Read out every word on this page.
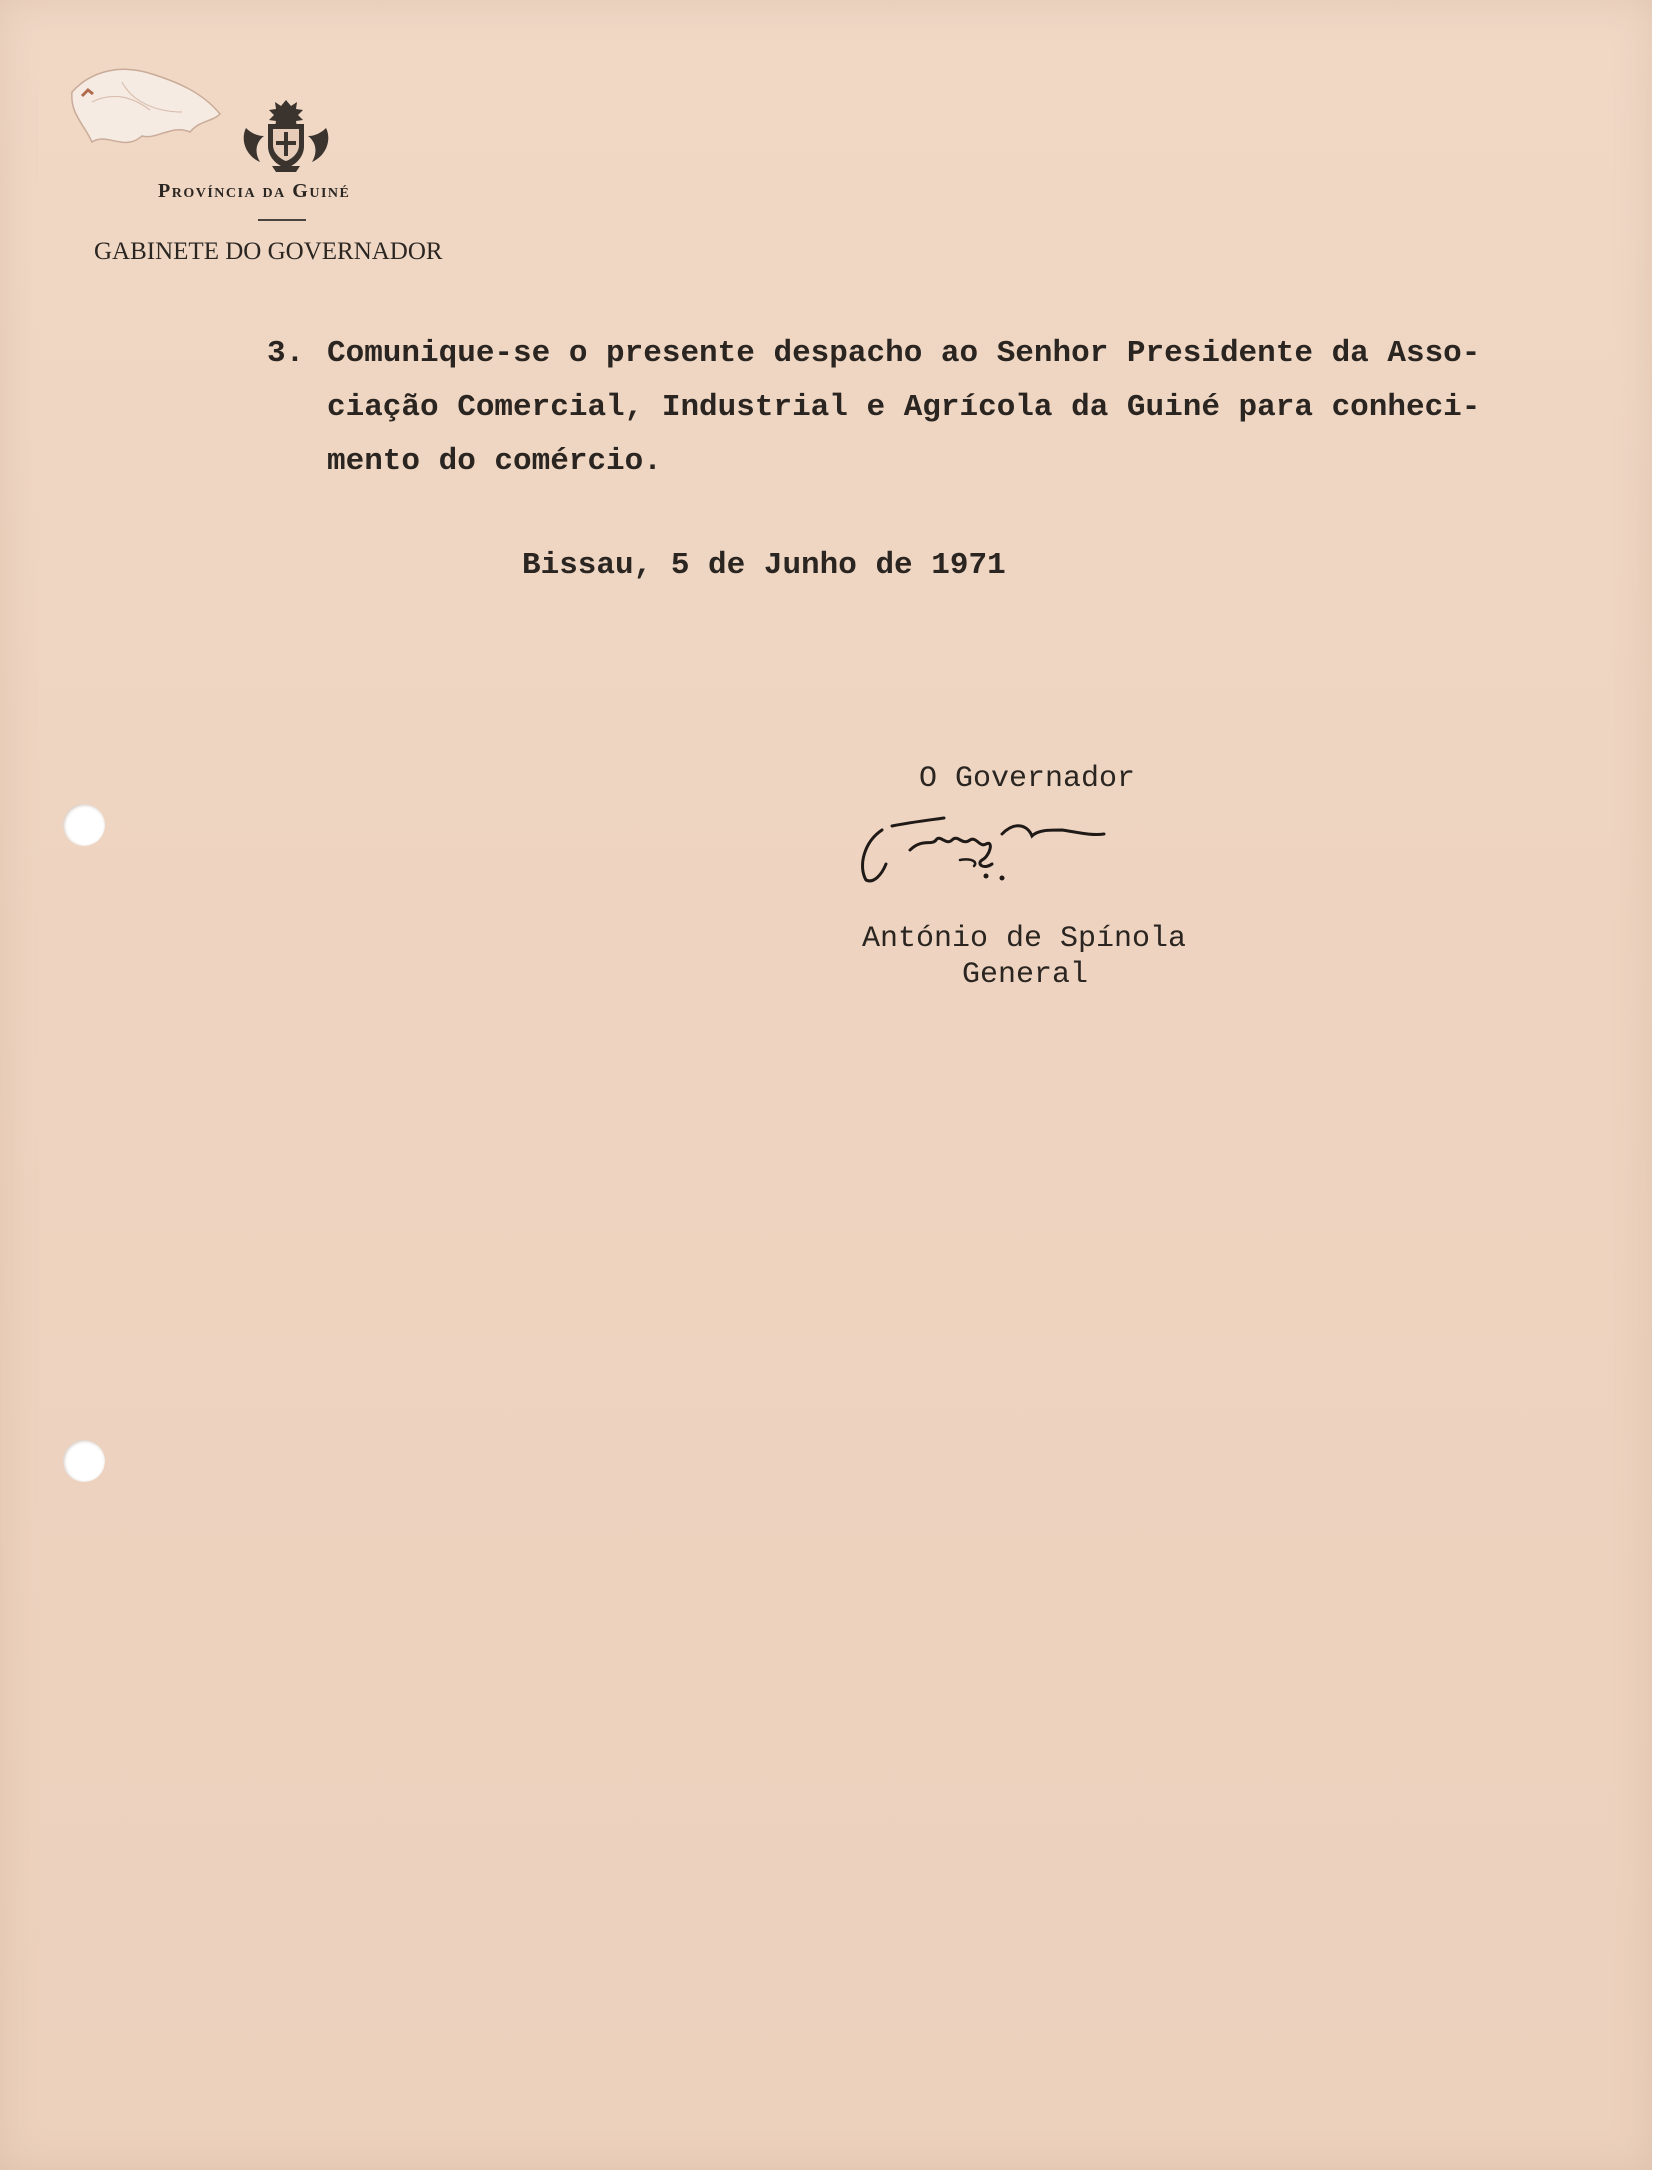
Província da Guiné
GABINETE DO GOVERNADOR
3. Comunique-se o presente despacho ao Senhor Presidente da Asso-
ciação Comercial, Industrial e Agrícola da Guiné para conheci-
mento do comércio.
Bissau, 5 de Junho de 1971
O Governador
António de Spínola
General
